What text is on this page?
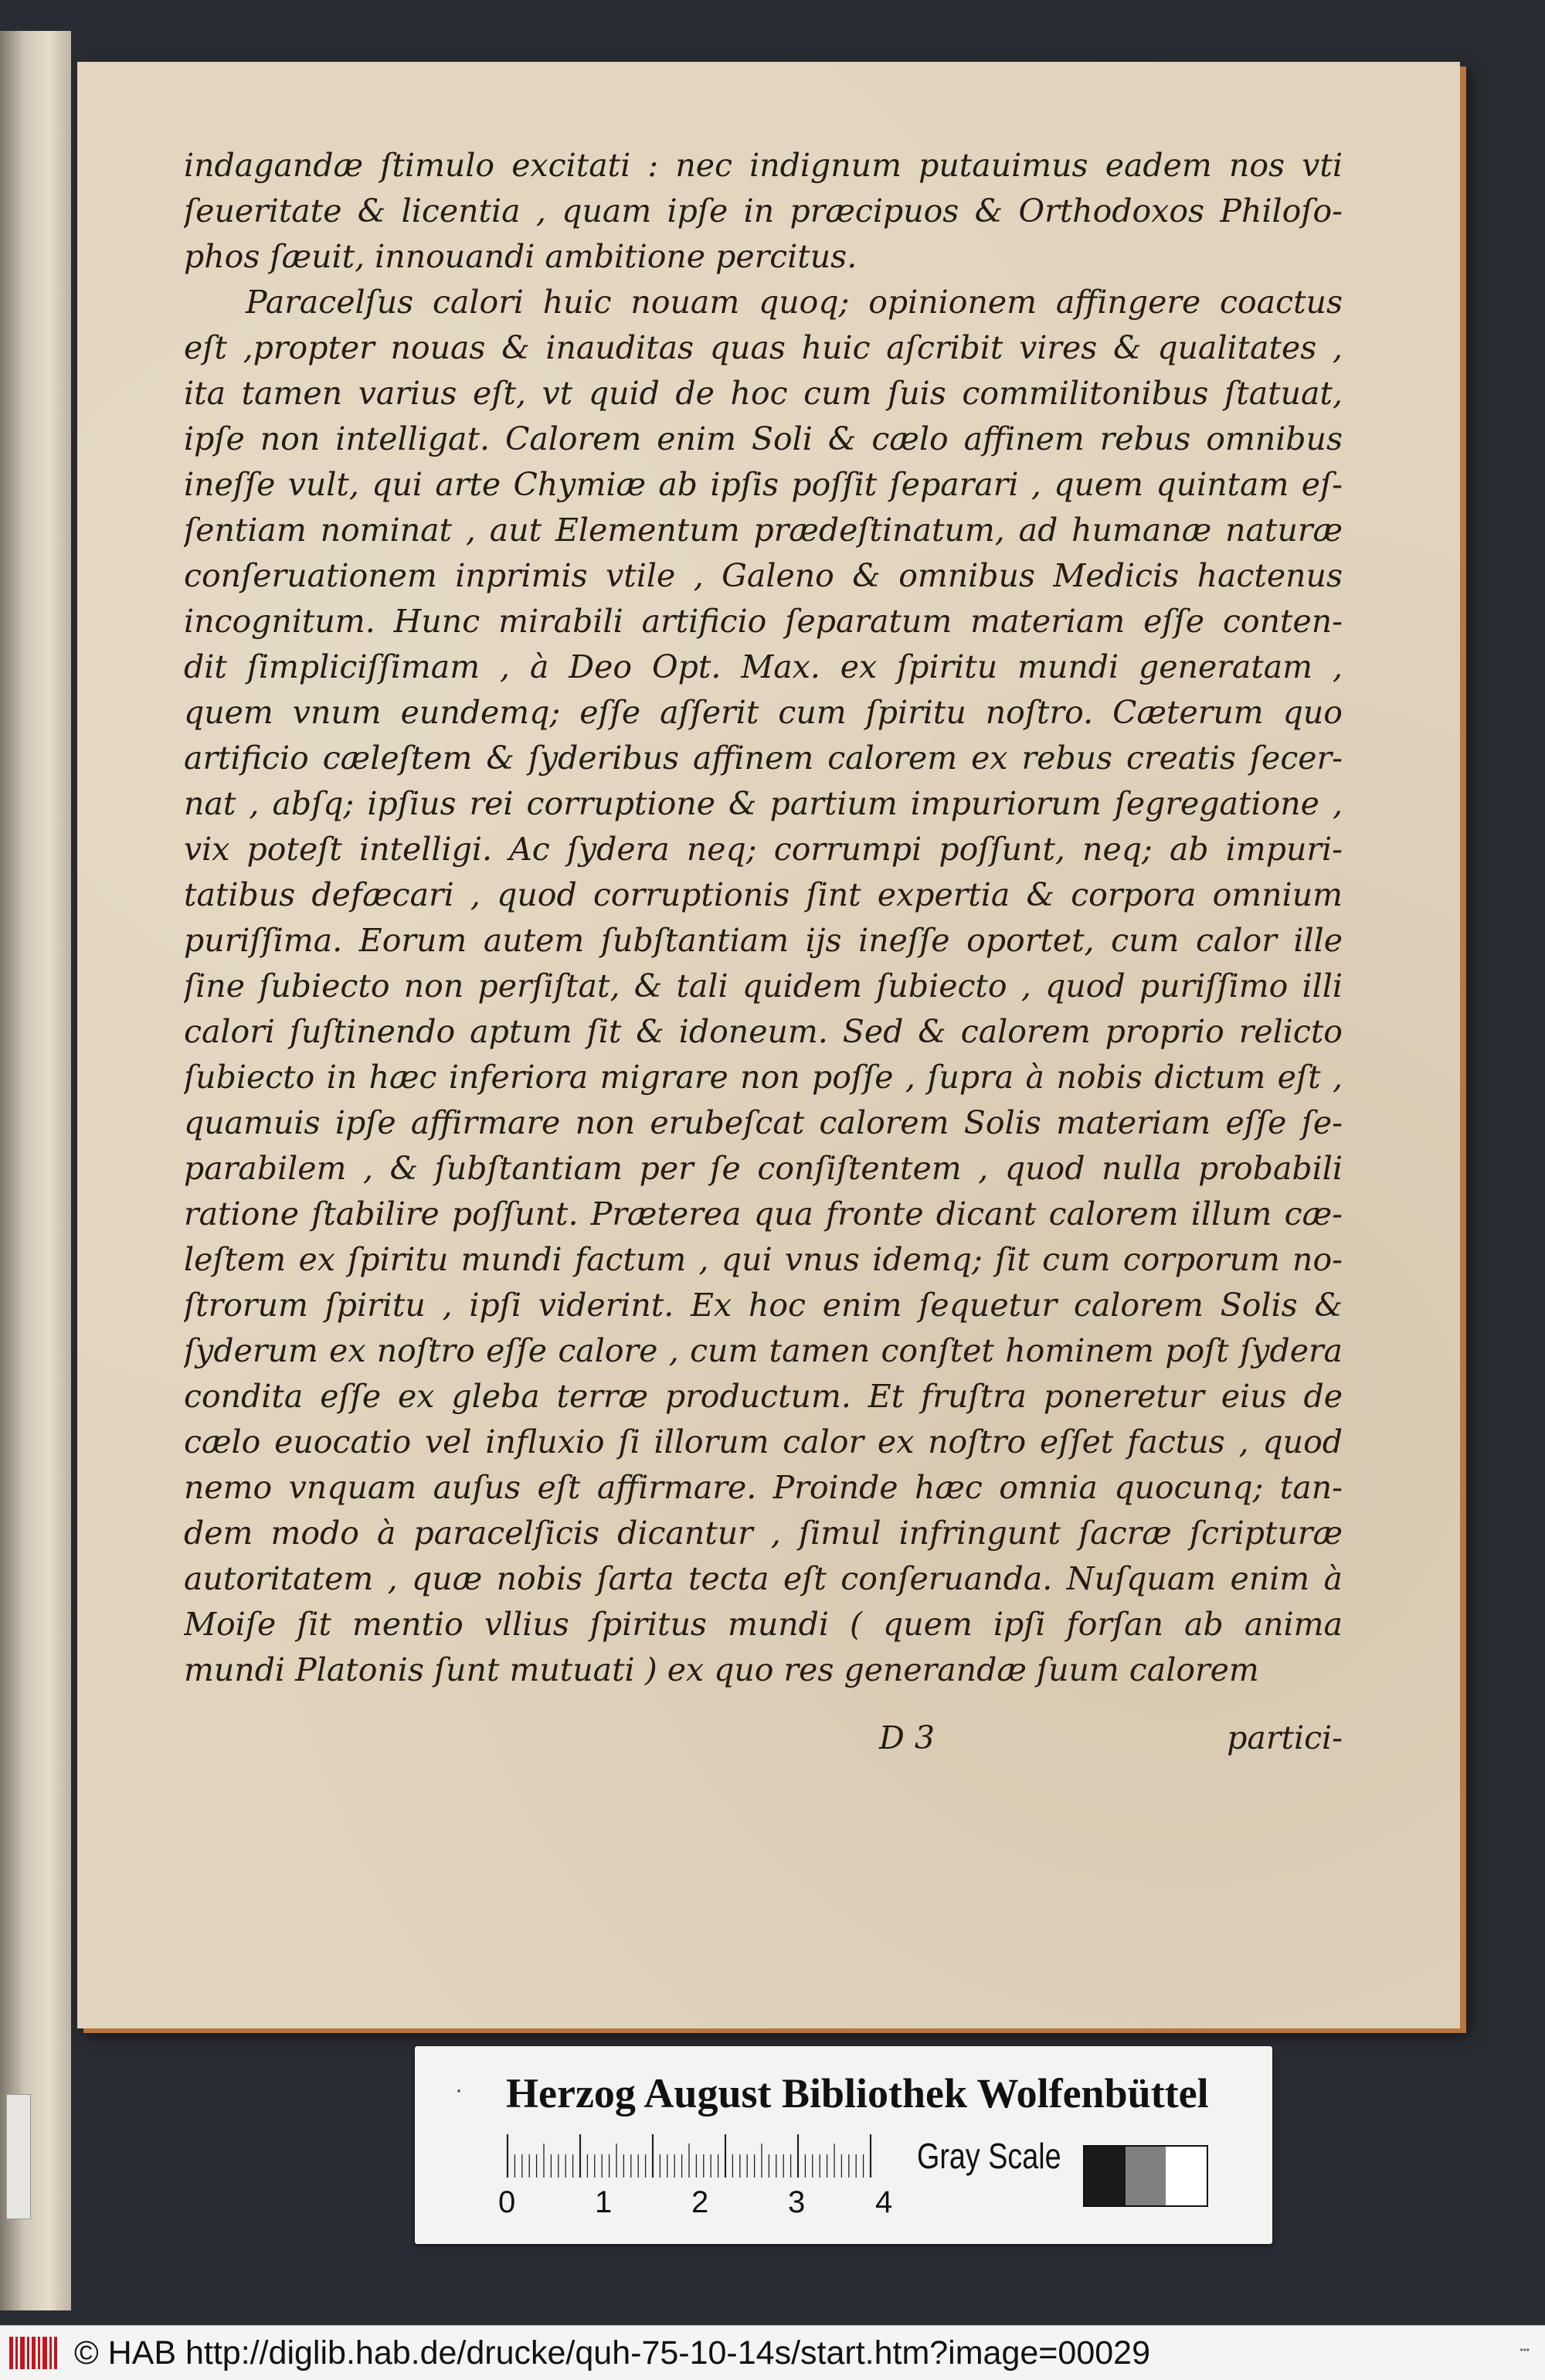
indagandæ ſtimulo excitati : nec indignum putauimus eadem nos vti
ſeueritate & licentia , quam ipſe in præcipuos & Orthodoxos Philoſo-
phos ſæuit, innouandi ambitione percitus.
Paracelſus calori huic nouam quoq; opinionem affingere coactus
eſt ,propter nouas & inauditas quas huic aſcribit vires & qualitates ,
ita tamen varius eſt, vt quid de hoc cum ſuis commilitonibus ſtatuat,
ipſe non intelligat. Calorem enim Soli & cælo affinem rebus omnibus
ineſſe vult, qui arte Chymiæ ab ipſis poſſit ſeparari , quem quintam eſ-
ſentiam nominat , aut Elementum prædeſtinatum, ad humanæ naturæ
conſeruationem inprimis vtile , Galeno & omnibus Medicis hactenus
incognitum. Hunc mirabili artificio ſeparatum materiam eſſe conten-
dit ſimpliciſſimam , à Deo Opt. Max. ex ſpiritu mundi generatam ,
quem vnum eundemq; eſſe aſſerit cum ſpiritu noſtro. Cæterum quo
artificio cæleſtem & ſyderibus affinem calorem ex rebus creatis ſecer-
nat , abſq; ipſius rei corruptione & partium impuriorum ſegregatione ,
vix poteſt intelligi. Ac ſydera neq; corrumpi poſſunt, neq; ab impuri-
tatibus defæcari , quod corruptionis ſint expertia & corpora omnium
puriſſima. Eorum autem ſubſtantiam ijs ineſſe oportet, cum calor ille
ſine ſubiecto non perſiſtat, & tali quidem ſubiecto , quod puriſſimo illi
calori ſuſtinendo aptum ſit & idoneum. Sed & calorem proprio relicto
ſubiecto in hæc inferiora migrare non poſſe , ſupra à nobis dictum eſt ,
quamuis ipſe affirmare non erubeſcat calorem Solis materiam eſſe ſe-
parabilem , & ſubſtantiam per ſe conſiſtentem , quod nulla probabili
ratione ſtabilire poſſunt. Præterea qua fronte dicant calorem illum cæ-
leſtem ex ſpiritu mundi factum , qui vnus idemq; ſit cum corporum no-
ſtrorum ſpiritu , ipſi viderint. Ex hoc enim ſequetur calorem Solis &
ſyderum ex noſtro eſſe calore , cum tamen conſtet hominem poſt ſydera
condita eſſe ex gleba terræ productum. Et fruſtra poneretur eius de
cælo euocatio vel influxio ſi illorum calor ex noſtro eſſet factus , quod
nemo vnquam auſus eſt affirmare. Proinde hæc omnia quocunq; tan-
dem modo à paracelſicis dicantur , ſimul infringunt ſacræ ſcripturæ
autoritatem , quæ nobis ſarta tecta eſt conſeruanda. Nuſquam enim à
Moiſe ſit mentio vllius ſpiritus mundi ( quem ipſi forſan ab anima
mundi Platonis ſunt mutuati ) ex quo res generandæ ſuum calorem
D 3	partici-
· Herzog August Bibliothek Wolfenbüttel
0	1	2	3 4
Gray Scale
© HAB http://diglib.hab.de/drucke/quh-75-10-14s/start.htm?image=00029	•••
